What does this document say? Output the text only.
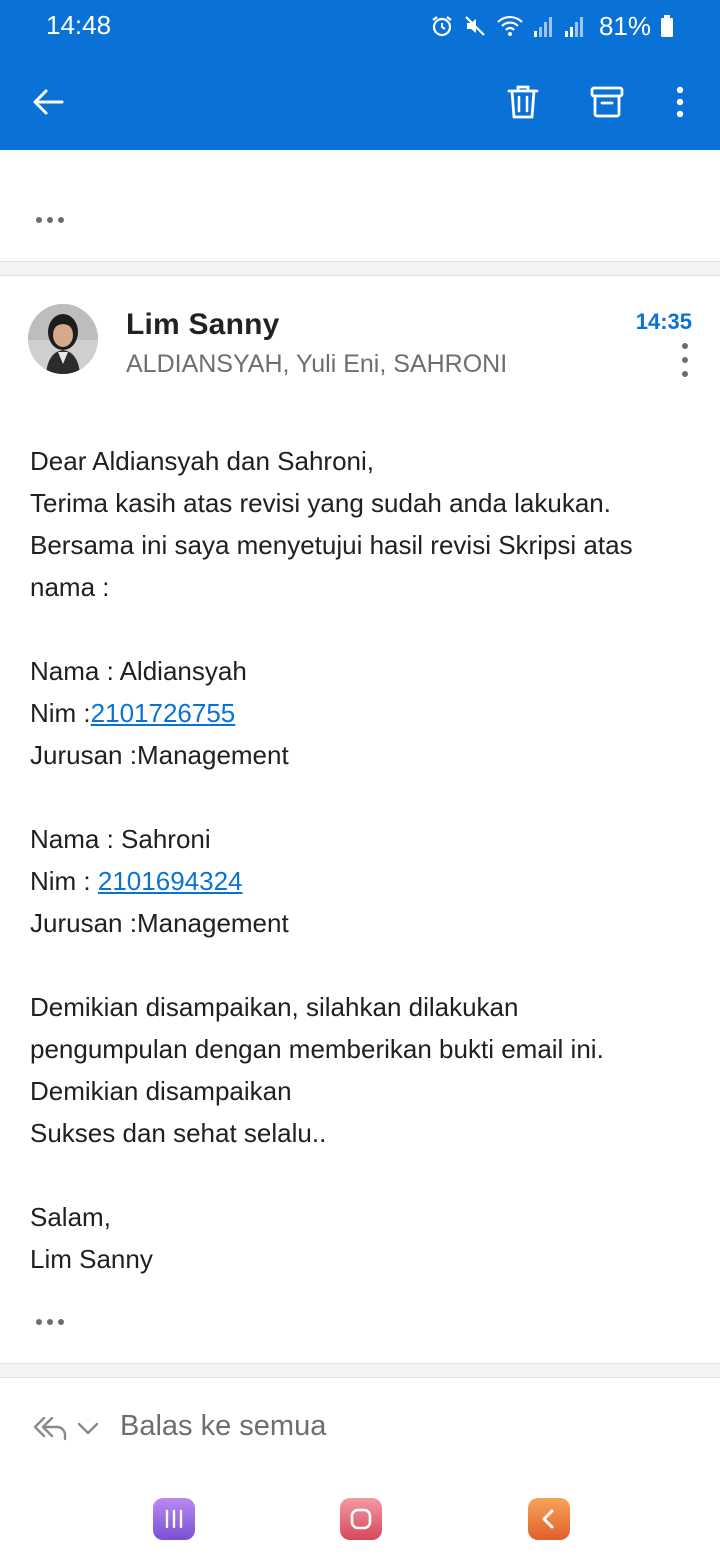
14:48	81%
Lim Sanny
ALDIANSYAH, Yuli Eni, SAHRONI
14:35
Dear Aldiansyah dan Sahroni,
Terima kasih atas revisi yang sudah anda lakukan.
Bersama ini saya menyetujui hasil revisi Skripsi atas
nama :
Nama : Aldiansyah
Nim :2101726755
Jurusan :Management
Nama : Sahroni
Nim : 2101694324
Jurusan :Management
Demikian disampaikan, silahkan dilakukan
pengumpulan dengan memberikan bukti email ini.
Demikian disampaikan
Sukses dan sehat selalu..
Salam,
Lim Sanny
Balas ke semua
